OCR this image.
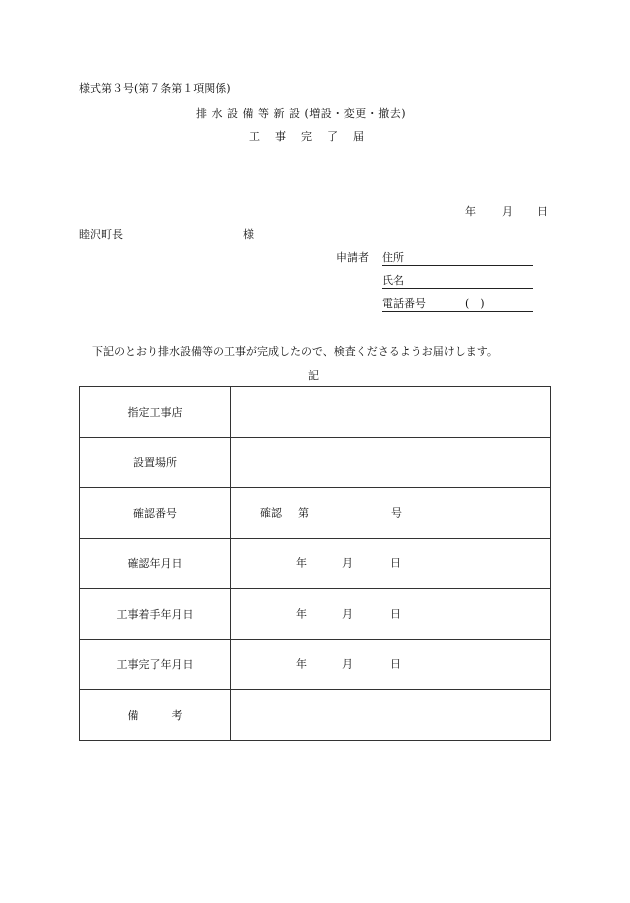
様式第３号(第７条第１項関係)
排 水 設 備 等 新 設 (増設・変更・撤去)
工　事　完　了　届
年 月 日
睦沢町長	様
申請者 住所
氏名
電話番号	(　)
下記のとおり排水設備等の工事が完成したので、検査くださるようお届けします。
記
指定工事店	
設置場所	
確認番号	確認 第 号

確認年月日	年 月 日

工事着手年月日	年 月 日

工事完了年月日	年 月 日

備　　　考	
